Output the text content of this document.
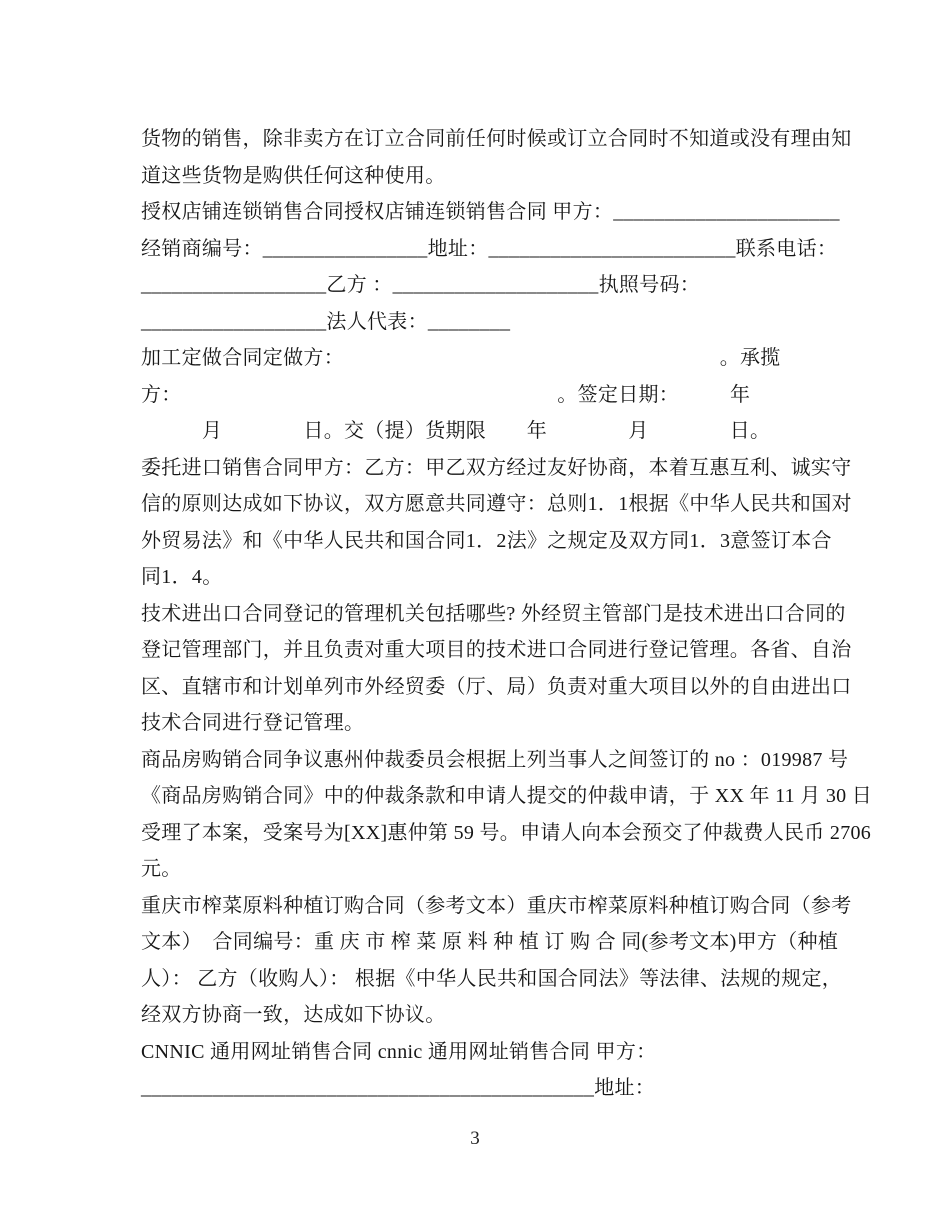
货物的销售，除非卖方在订立合同前任何时候或订立合同时不知道或没有理由知
道这些货物是购供任何这种使用。
授权店铺连锁销售合同授权店铺连锁销售合同 甲方：______________________
经销商编号：________________地址：________________________联系电话：
__________________乙方 ：____________________执照号码：
__________________法人代表：________
加工定做合同定做方：　　　　　　　　　　　　　　　　　　　。承揽
方：　　　　　　　　　　　　　　　　　　　。签定日期：　　　年
　　　月　　　　日。交（提）货期限　　年　　　　月　　　　日。
委托进口销售合同甲方：乙方：甲乙双方经过友好协商，本着互惠互利、诚实守
信的原则达成如下协议，双方愿意共同遵守：总则1．1根据《中华人民共和国对
外贸易法》和《中华人民共和国合同1．2法》之规定及双方同1．3意签订本合
同1．4。
技术进出口合同登记的管理机关包括哪些? 外经贸主管部门是技术进出口合同的
登记管理部门，并且负责对重大项目的技术进口合同进行登记管理。各省、自治
区、直辖市和计划单列市外经贸委（厅、局）负责对重大项目以外的自由进出口
技术合同进行登记管理。
商品房购销合同争议惠州仲裁委员会根据上列当事人之间签订的 no ：019987 号
《商品房购销合同》中的仲裁条款和申请人提交的仲裁申请，于 XX 年 11 月 30 日
受理了本案，受案号为[XX]惠仲第 59 号。申请人向本会预交了仲裁费人民币 2706
元。
重庆市榨菜原料种植订购合同（参考文本）重庆市榨菜原料种植订购合同（参考
文本）  合同编号：重 庆 市 榨 菜 原 料 种 植 订 购 合 同(参考文本)甲方（种植
人）： 乙方（收购人）： 根据《中华人民共和国合同法》等法律、法规的规定，
经双方协商一致，达成如下协议。
CNNIC 通用网址销售合同 cnnic 通用网址销售合同 甲方：
____________________________________________地址：
3
